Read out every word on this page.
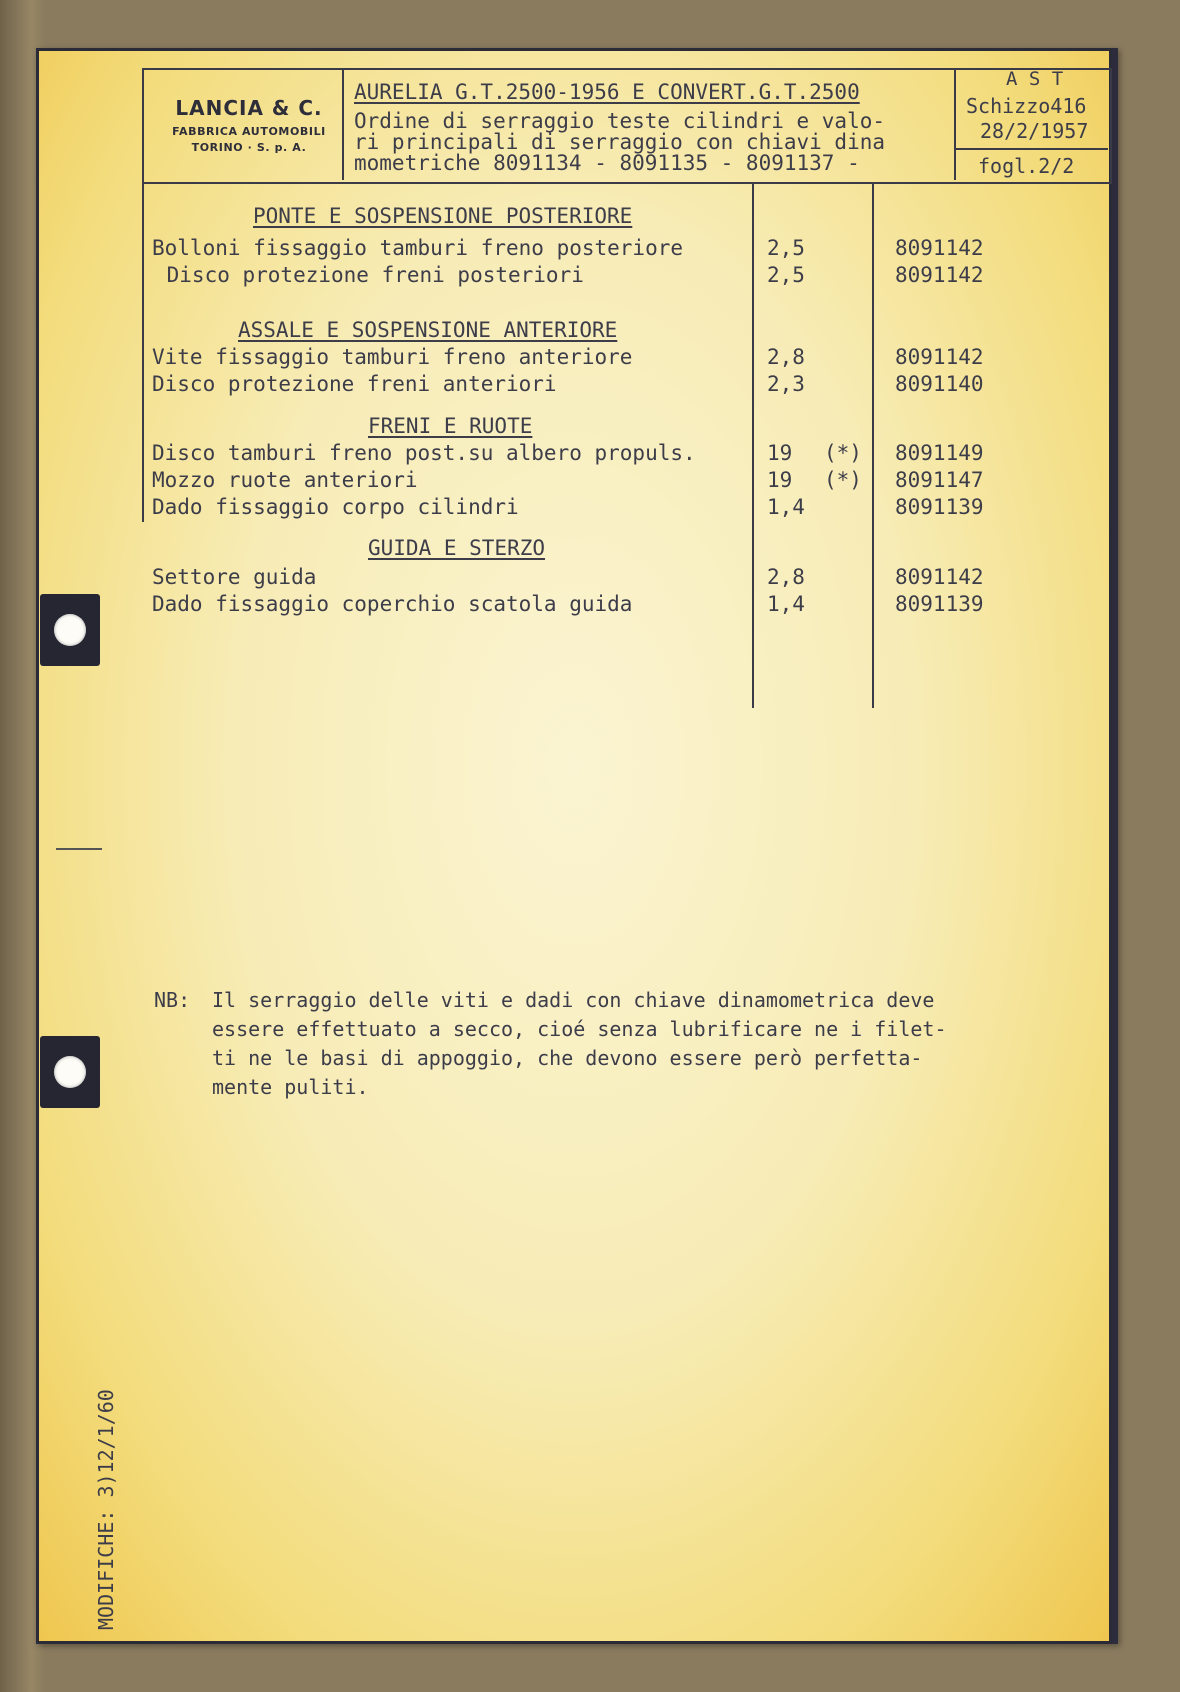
LANCIA & C.
FABBRICA AUTOMOBILI
TORINO · S. p. A.
AURELIA G.T.2500-1956 E CONVERT.G.T.2500
Ordine di serraggio teste cilindri e valo-
ri principali di serraggio con chiavi dina
mometriche 8091134 - 8091135 - 8091137 -
A S T
Schizzo416
28/2/1957
fogl.2/2
PONTE E SOSPENSIONE POSTERIORE
ASSALE E SOSPENSIONE ANTERIORE
FRENI E RUOTE
GUIDA E STERZO
Bolloni fissaggio tamburi freno posteriore	2,5	8091142
Disco protezione freni posteriori	2,5	8091142
Vite fissaggio tamburi freno anteriore	2,8	8091142
Disco protezione freni anteriori	2,3	8091140
Disco tamburi freno post.su albero propuls.	19 (*) 8091149
Mozzo ruote anteriori	19 (*) 8091147
Dado fissaggio corpo cilindri	1,4	8091139
Settore guida	2,8	8091142
Dado fissaggio coperchio scatola guida	1,4	8091139
NB: Il serraggio delle viti e dadi con chiave dinamometrica deve
essere effettuato a secco, cioé senza lubrificare ne i filet-
ti ne le basi di appoggio, che devono essere però perfetta-
mente puliti.
MODIFICHE: 3)12/1/60
